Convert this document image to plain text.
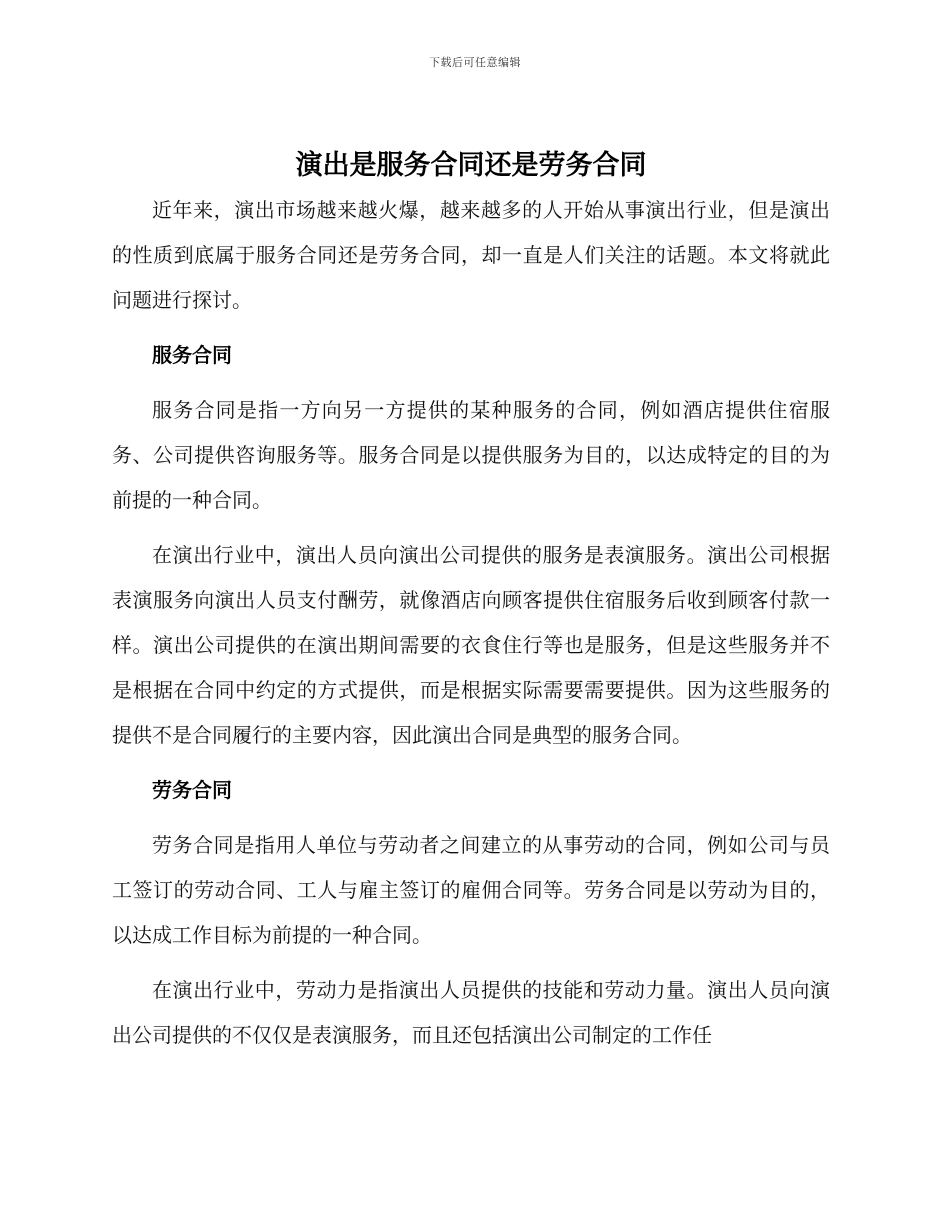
下载后可任意编辑
演出是服务合同还是劳务合同

近年来，演出市场越来越火爆，越来越多的人开始从事演出行业，但是演出的性质到底属于服务合同还是劳务合同，却一直是人们关注的话题。本文将就此问题进行探讨。

服务合同

服务合同是指一方向另一方提供的某种服务的合同，例如酒店提供住宿服务、公司提供咨询服务等。服务合同是以提供服务为目的，以达成特定的目的为前提的一种合同。

在演出行业中，演出人员向演出公司提供的服务是表演服务。演出公司根据表演服务向演出人员支付酬劳，就像酒店向顾客提供住宿服务后收到顾客付款一样。演出公司提供的在演出期间需要的衣食住行等也是服务，但是这些服务并不是根据在合同中约定的方式提供，而是根据实际需要需要提供。因为这些服务的提供不是合同履行的主要内容，因此演出合同是典型的服务合同。

劳务合同

劳务合同是指用人单位与劳动者之间建立的从事劳动的合同，例如公司与员工签订的劳动合同、工人与雇主签订的雇佣合同等。劳务合同是以劳动为目的，以达成工作目标为前提的一种合同。

在演出行业中，劳动力是指演出人员提供的技能和劳动力量。演出人员向演出公司提供的不仅仅是表演服务，而且还包括演出公司制定的工作任
